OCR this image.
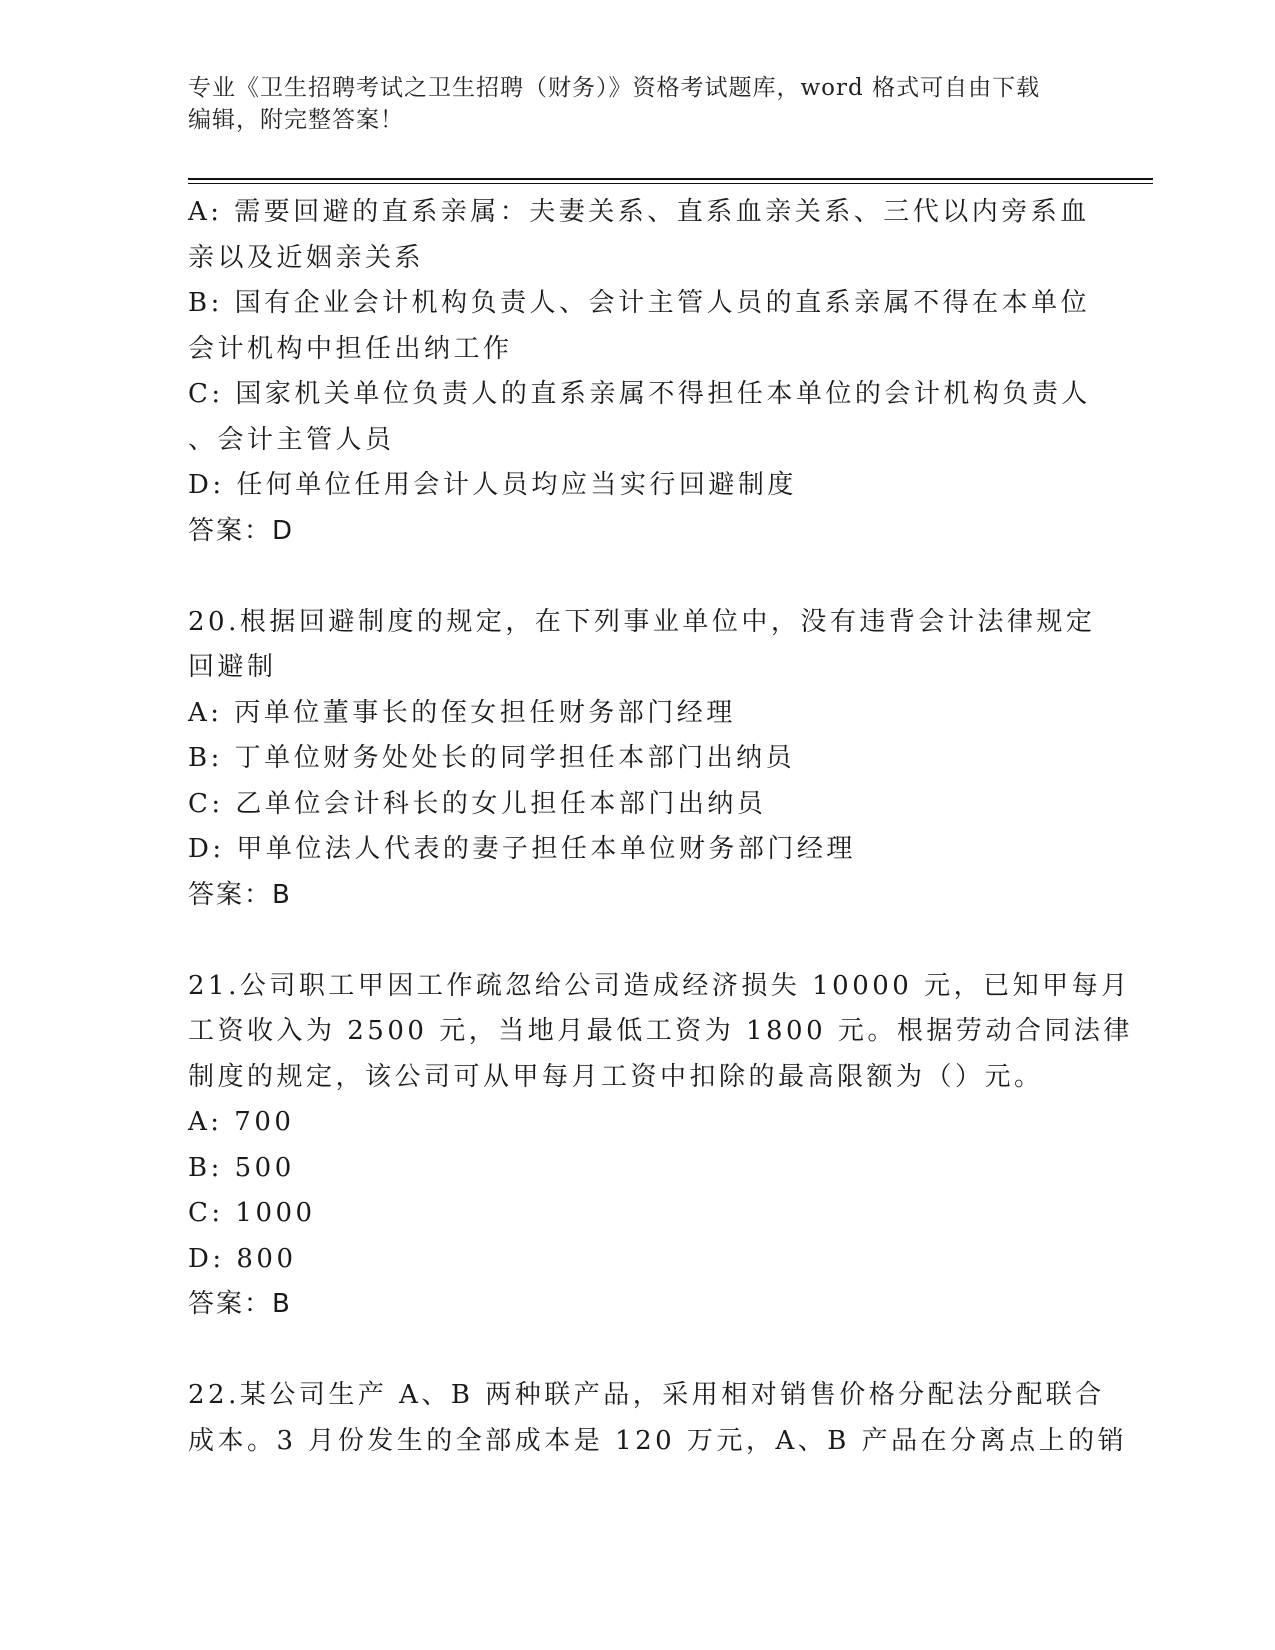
专业《卫生招聘考试之卫生招聘（财务）》资格考试题库，word 格式可自由下载
编辑，附完整答案！
A: 需要回避的直系亲属：夫妻关系、直系血亲关系、三代以内旁系血
亲以及近姻亲关系
B: 国有企业会计机构负责人、会计主管人员的直系亲属不得在本单位
会计机构中担任出纳工作
C: 国家机关单位负责人的直系亲属不得担任本单位的会计机构负责人
、会计主管人员
D: 任何单位任用会计人员均应当实行回避制度
答案：D
20.根据回避制度的规定，在下列事业单位中，没有违背会计法律规定
回避制
A: 丙单位董事长的侄女担任财务部门经理
B: 丁单位财务处处长的同学担任本部门出纳员
C: 乙单位会计科长的女儿担任本部门出纳员
D: 甲单位法人代表的妻子担任本单位财务部门经理
答案：B
21.公司职工甲因工作疏忽给公司造成经济损失 10000 元，已知甲每月
工资收入为 2500 元，当地月最低工资为 1800 元。根据劳动合同法律
制度的规定，该公司可从甲每月工资中扣除的最高限额为（）元。
A: 700
B: 500
C: 1000
D: 800
答案：B
22.某公司生产 A、B 两种联产品，采用相对销售价格分配法分配联合
成本。3 月份发生的全部成本是 120 万元，A、B 产品在分离点上的销
